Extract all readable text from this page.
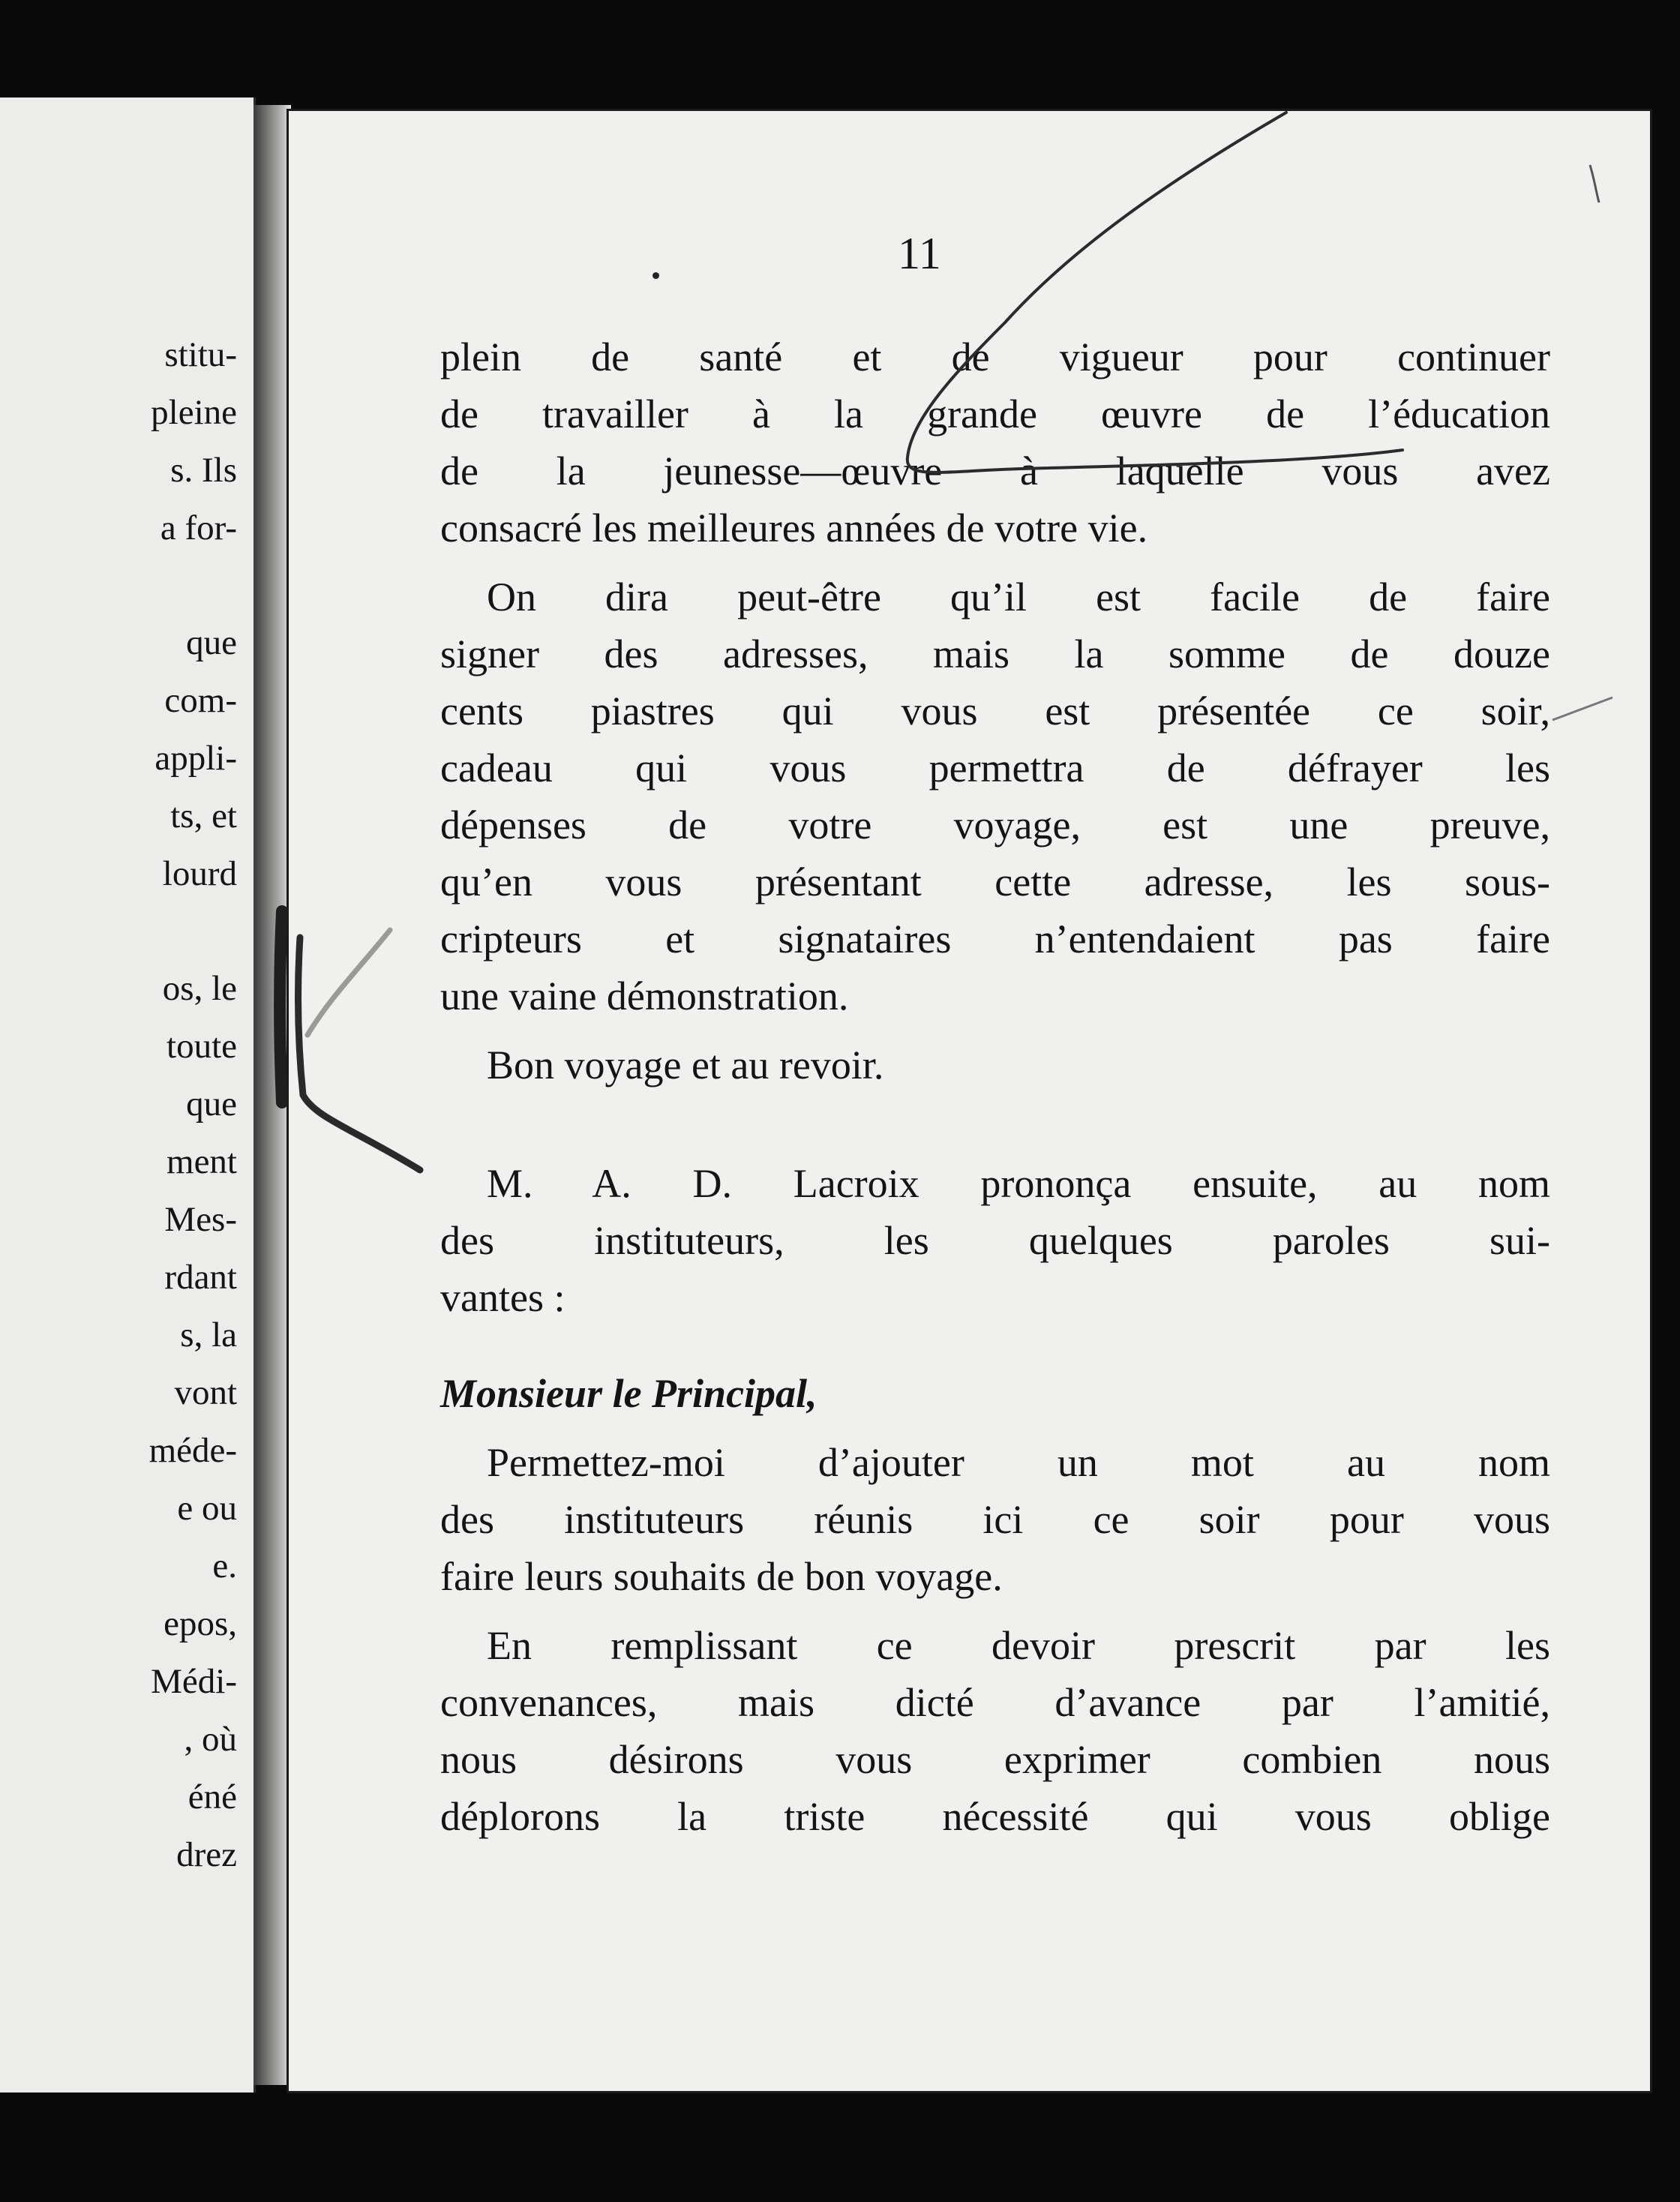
stitu-
pleine
s. Ils
a for-
que
com-
appli-
ts, et
lourd
os, le
toute
que
ment
Mes-
rdant
s, la
vont
méde-
e ou
e.
epos,
Médi-
, où
éné
drez
11
plein de santé et de vigueur pour continuer
de travailler à la grande œuvre de l’éducation
de la jeunesse—œuvre à laquelle vous avez
consacré les meilleures années de votre vie.
On dira peut-être qu’il est facile de faire
signer des adresses, mais la somme de douze
cents piastres qui vous est présentée ce soir,
cadeau qui vous permettra de défrayer les
dépenses de votre voyage, est une preuve,
qu’en vous présentant cette adresse, les sous-
cripteurs et signataires n’entendaient pas faire
une vaine démonstration.
Bon voyage et au revoir.
M. A. D. Lacroix prononça ensuite, au nom
des instituteurs, les quelques paroles sui-
vantes :
Monsieur le Principal,
Permettez-moi d’ajouter un mot au nom
des instituteurs réunis ici ce soir pour vous
faire leurs souhaits de bon voyage.
En remplissant ce devoir prescrit par les
convenances, mais dicté d’avance par l’amitié,
nous désirons vous exprimer combien nous
déplorons la triste nécessité qui vous oblige
